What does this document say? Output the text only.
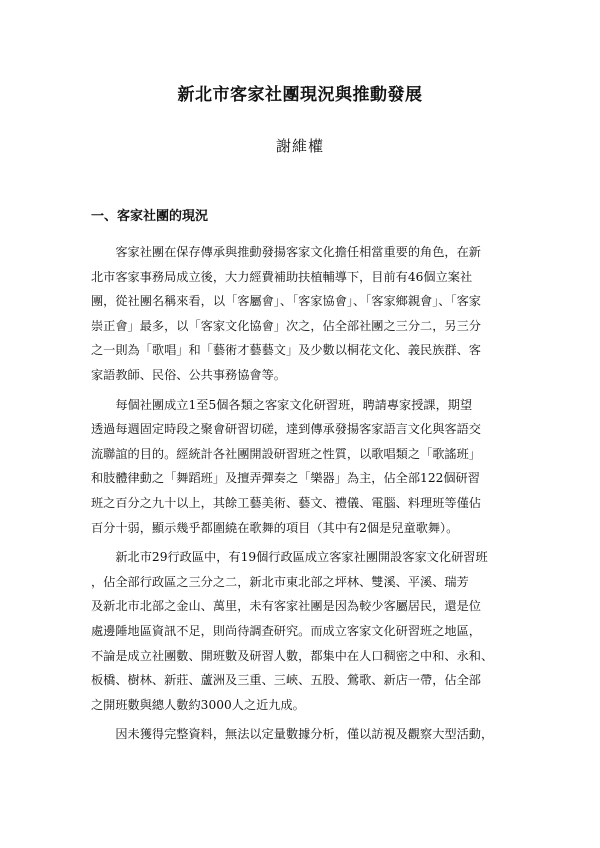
新北市客家社團現況與推動發展
謝維權
一、客家社團的現況
　　客家社團在保存傳承與推動發揚客家文化擔任相當重要的角色，在新
北市客家事務局成立後，大力經費補助扶植輔導下，目前有46個立案社
團，從社團名稱來看，以「客屬會」、「客家協會」、「客家鄉親會」、「客家
崇正會」最多，以「客家文化協會」次之，佔全部社團之三分二，另三分
之一則為「歌唱」和「藝術才藝藝文」及少數以桐花文化、義民族群、客
家語教師、民俗、公共事務協會等。
　　每個社團成立1至5個各類之客家文化研習班，聘請專家授課，期望
透過每週固定時段之聚會研習切磋，達到傳承發揚客家語言文化與客語交
流聯誼的目的。經統計各社團開設研習班之性質，以歌唱類之「歌謠班」
和肢體律動之「舞蹈班」及擅弄彈奏之「樂器」為主，佔全部122個研習
班之百分之九十以上，其餘工藝美術、藝文、禮儀、電腦、料理班等僅佔
百分十弱，顯示幾乎都圍繞在歌舞的項目（其中有2個是兒童歌舞）。
　　新北市29行政區中，有19個行政區成立客家社團開設客家文化研習班
，佔全部行政區之三分之二，新北市東北部之坪林、雙溪、平溪、瑞芳
及新北市北部之金山、萬里，未有客家社團是因為較少客屬居民，還是位
處邊陲地區資訊不足，則尚待調查研究。而成立客家文化研習班之地區，
不論是成立社團數、開班數及研習人數，都集中在人口稠密之中和、永和、
板橋、樹林、新莊、蘆洲及三重、三峽、五股、鶯歌、新店一帶，佔全部
之開班數與總人數約3000人之近九成。
　　因未獲得完整資料，無法以定量數據分析，僅以訪視及觀察大型活動，
